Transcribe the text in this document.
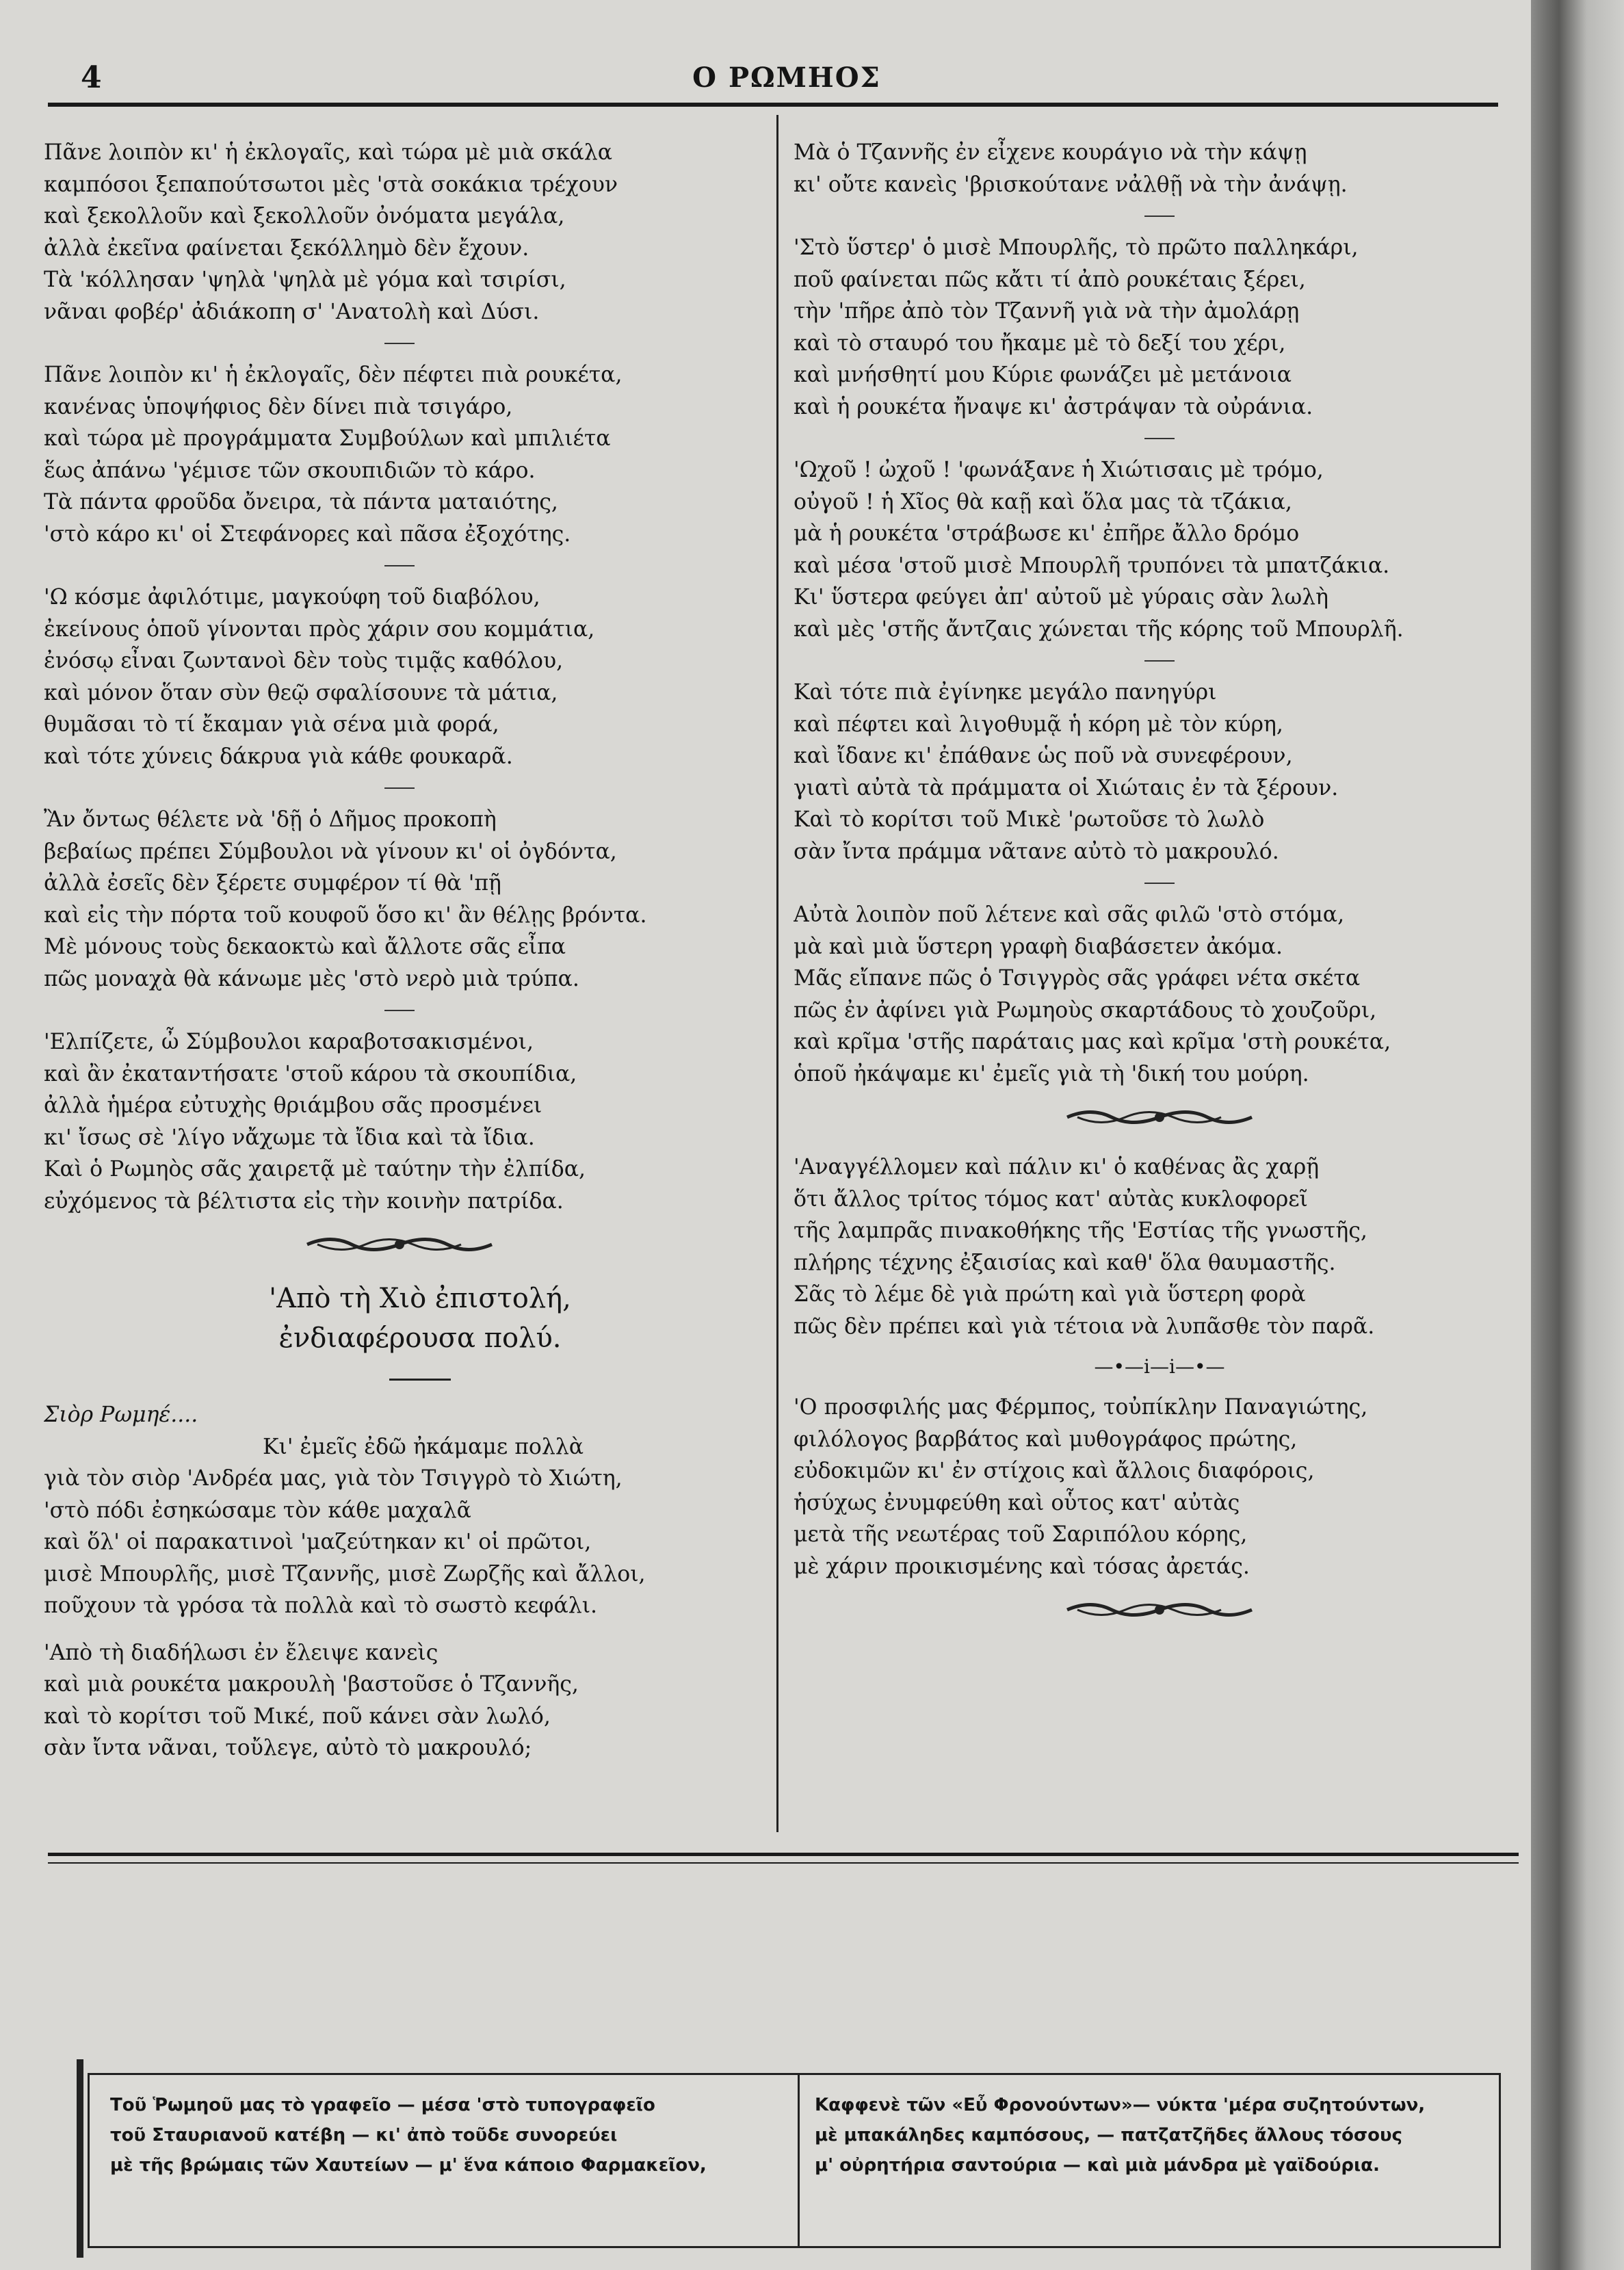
4	Ο ΡΩΜΗΟΣ
Πᾶνε λοιπὸν κι' ἡ ἐκλογαῖς, καὶ τώρα μὲ μιὰ σκάλα
καμπόσοι ξεπαπούτσωτοι μὲς 'στὰ σοκάκια τρέχουν
καὶ ξεκολλοῦν καὶ ξεκολλοῦν ὀνόματα μεγάλα,
ἀλλὰ ἐκεῖνα φαίνεται ξεκόλλημὸ δὲν ἔχουν.
Τὰ 'κόλλησαν 'ψηλὰ 'ψηλὰ μὲ γόμα καὶ τσιρίσι,
νᾶναι φοβέρ' ἀδιάκοπη σ' 'Ανατολὴ καὶ Δύσι.
Πᾶνε λοιπὸν κι' ἡ ἐκλογαῖς, δὲν πέφτει πιὰ ρουκέτα,
κανένας ὑποψήφιος δὲν δίνει πιὰ τσιγάρο,
καὶ τώρα μὲ προγράμματα Συμβούλων καὶ μπιλιέτα
ἕως ἀπάνω 'γέμισε τῶν σκουπιδιῶν τὸ κάρο.
Τὰ πάντα φροῦδα ὄνειρα, τὰ πάντα ματαιότης,
'στὸ κάρο κι' οἱ Στεφάνορες καὶ πᾶσα ἐξοχότης.
'Ω κόσμε ἀφιλότιμε, μαγκούφη τοῦ διαβόλου,
ἐκείνους ὁποῦ γίνονται πρὸς χάριν σου κομμάτια,
ἐνόσῳ εἶναι ζωντανοὶ δὲν τοὺς τιμᾷς καθόλου,
καὶ μόνον ὅταν σὺν θεῷ σφαλίσουνε τὰ μάτια,
θυμᾶσαι τὸ τί ἔκαμαν γιὰ σένα μιὰ φορά,
καὶ τότε χύνεις δάκρυα γιὰ κάθε φουκαρᾶ.
Ἂν ὄντως θέλετε νὰ 'δῇ ὁ Δῆμος προκοπὴ
βεβαίως πρέπει Σύμβουλοι νὰ γίνουν κι' οἱ ὀγδόντα,
ἀλλὰ ἐσεῖς δὲν ξέρετε συμφέρον τί θὰ 'πῇ
καὶ εἰς τὴν πόρτα τοῦ κουφοῦ ὅσο κι' ἂν θέλῃς βρόντα.
Μὲ μόνους τοὺς δεκαοκτὼ καὶ ἄλλοτε σᾶς εἶπα
πῶς μοναχὰ θὰ κάνωμε μὲς 'στὸ νερὸ μιὰ τρύπα.
'Ελπίζετε, ὦ Σύμβουλοι καραβοτσακισμένοι,
καὶ ἂν ἐκαταντήσατε 'στοῦ κάρου τὰ σκουπίδια,
ἀλλὰ ἡμέρα εὐτυχὴς θριάμβου σᾶς προσμένει
κι' ἴσως σὲ 'λίγο νἄχωμε τὰ ἴδια καὶ τὰ ἴδια.
Καὶ ὁ Ρωμηὸς σᾶς χαιρετᾷ μὲ ταύτην τὴν ἐλπίδα,
εὐχόμενος τὰ βέλτιστα εἰς τὴν κοινὴν πατρίδα.
'Απὸ τὴ Χιὸ ἐπιστολή,
ἐνδιαφέρουσα πολύ.
Σιὸρ Ρωμηέ....
Κι' ἐμεῖς ἐδῶ ἠκάμαμε πολλὰ
γιὰ τὸν σιὸρ 'Ανδρέα μας, γιὰ τὸν Τσιγγρὸ τὸ Χιώτη,
'στὸ πόδι ἐσηκώσαμε τὸν κάθε μαχαλᾶ
καὶ ὅλ' οἱ παρακατινοὶ 'μαζεύτηκαν κι' οἱ πρῶτοι,
μισὲ Μπουρλῆς, μισὲ Τζαννῆς, μισὲ Ζωρζῆς καὶ ἄλλοι,
ποῦχουν τὰ γρόσα τὰ πολλὰ καὶ τὸ σωστὸ κεφάλι.
'Απὸ τὴ διαδήλωσι ἐν ἔλειψε κανεὶς
καὶ μιὰ ρουκέτα μακρουλὴ 'βαστοῦσε ὁ Τζαννῆς,
καὶ τὸ κορίτσι τοῦ Μικέ, ποῦ κάνει σὰν λωλό,
σὰν ἴντα νᾶναι, τοὔλεγε, αὐτὸ τὸ μακρουλό;
Μὰ ὁ Τζαννῆς ἐν εἶχενε κουράγιο νὰ τὴν κάψῃ
κι' οὔτε κανεὶς 'βρισκούτανε νἀλθῇ νὰ τὴν ἀνάψῃ.
'Στὸ ὕστερ' ὁ μισὲ Μπουρλῆς, τὸ πρῶτο παλληκάρι,
ποῦ φαίνεται πῶς κἄτι τί ἀπὸ ρουκέταις ξέρει,
τὴν 'πῆρε ἀπὸ τὸν Τζαννῆ γιὰ νὰ τὴν ἀμολάρῃ
καὶ τὸ σταυρό του ἤκαμε μὲ τὸ δεξί του χέρι,
καὶ μνήσθητί μου Κύριε φωνάζει μὲ μετάνοια
καὶ ἡ ρουκέτα ἤναψε κι' ἀστράψαν τὰ οὐράνια.
'Ωχοῦ ! ὠχοῦ ! 'φωνάξανε ἡ Χιώτισαις μὲ τρόμο,
οὐγοῦ ! ἡ Χῖος θὰ καῇ καὶ ὅλα μας τὰ τζάκια,
μὰ ἡ ρουκέτα 'στράβωσε κι' ἐπῆρε ἄλλο δρόμο
καὶ μέσα 'στοῦ μισὲ Μπουρλῆ τρυπόνει τὰ μπατζάκια.
Κι' ὕστερα φεύγει ἀπ' αὐτοῦ μὲ γύραις σὰν λωλὴ
καὶ μὲς 'στῆς ἄντζαις χώνεται τῆς κόρης τοῦ Μπουρλῆ.
Καὶ τότε πιὰ ἐγίνηκε μεγάλο πανηγύρι
καὶ πέφτει καὶ λιγοθυμᾷ ἡ κόρη μὲ τὸν κύρη,
καὶ ἴδανε κι' ἐπάθανε ὡς ποῦ νὰ συνεφέρουν,
γιατὶ αὐτὰ τὰ πράμματα οἱ Χιώταις ἐν τὰ ξέρουν.
Καὶ τὸ κορίτσι τοῦ Μικὲ 'ρωτοῦσε τὸ λωλὸ
σὰν ἴντα πράμμα νᾶτανε αὐτὸ τὸ μακρουλό.
Αὐτὰ λοιπὸν ποῦ λέτενε καὶ σᾶς φιλῶ 'στὸ στόμα,
μὰ καὶ μιὰ ὕστερη γραφὴ διαβάσετεν ἀκόμα.
Μᾶς εἴπανε πῶς ὁ Τσιγγρὸς σᾶς γράφει νέτα σκέτα
πῶς ἐν ἀφίνει γιὰ Ρωμηοὺς σκαρτάδους τὸ χουζοῦρι,
καὶ κρῖμα 'στῆς παράταις μας καὶ κρῖμα 'στὴ ρουκέτα,
ὁποῦ ἠκάψαμε κι' ἐμεῖς γιὰ τὴ 'δική του μούρη.
'Αναγγέλλομεν καὶ πάλιν κι' ὁ καθένας ἂς χαρῇ
ὅτι ἄλλος τρίτος τόμος κατ' αὐτὰς κυκλοφορεῖ
τῆς λαμπρᾶς πινακοθήκης τῆς 'Εστίας τῆς γνωστῆς,
πλήρης τέχνης ἐξαισίας καὶ καθ' ὅλα θαυμαστῆς.
Σᾶς τὸ λέμε δὲ γιὰ πρώτη καὶ γιὰ ὕστερη φορὰ
πῶς δὲν πρέπει καὶ γιὰ τέτοια νὰ λυπᾶσθε τὸν παρᾶ.
—•—i—i—•—
'Ο προσφιλής μας Φέρμπος, τοὐπίκλην Παναγιώτης,
φιλόλογος βαρβάτος καὶ μυθογράφος πρώτης,
εὐδοκιμῶν κι' ἐν στίχοις καὶ ἄλλοις διαφόροις,
ἡσύχως ἐνυμφεύθη καὶ οὗτος κατ' αὐτὰς
μετὰ τῆς νεωτέρας τοῦ Σαριπόλου κόρης,
μὲ χάριν προικισμένης καὶ τόσας ἀρετάς.
Τοῦ Ῥωμηοῦ μας τὸ γραφεῖο — μέσα 'στὸ τυπογραφεῖο
τοῦ Σταυριανοῦ κατέβη — κι' ἀπὸ τοῦδε συνορεύει
μὲ τῆς βρώμαις τῶν Χαυτείων — μ' ἕνα κάποιο Φαρμακεῖον,
Καφφενὲ τῶν «Εὖ Φρονούντων»— νύκτα 'μέρα συζητούντων,
μὲ μπακάληδες καμπόσους, — πατζατζῆδες ἄλλους τόσους
μ' οὐρητήρια σαντούρια — καὶ μιὰ μάνδρα μὲ γαϊδούρια.
